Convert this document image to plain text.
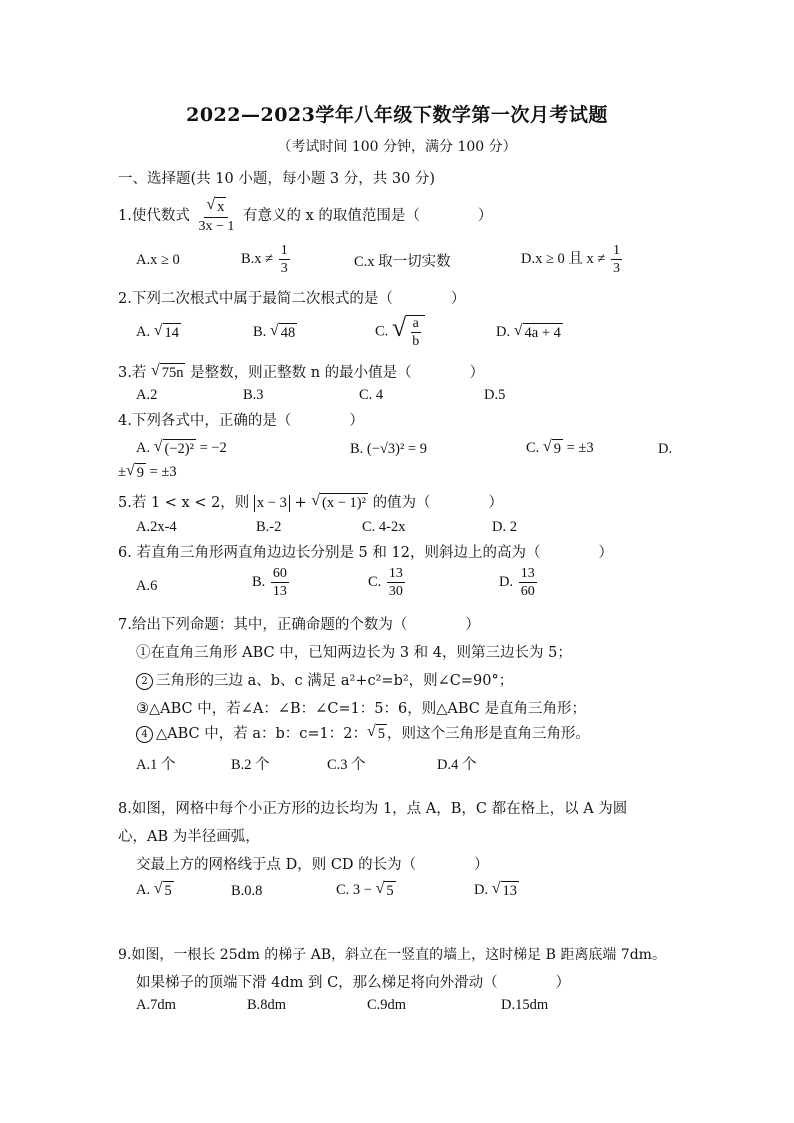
2022—2023学年八年级下数学第一次月考试题
（考试时间 100 分钟，满分 100 分）
一、选择题(共 10 小题，每小题 3 分，共 30 分)
1.使代数式 $\frac{√ x}{3x - 1}$ 有意义的 x 的取值范围是（　　　　）
A.x ≥ 0	$B.x \ne \frac{1}{3}$	C.x 取一切实数	D.x ≥ 0 且 $x \ne \frac{1}{3}$
2.下列二次根式中属于最简二次根式的是（　　　　）
A. √ 14	B. √ 48	C. √ $\frac{a}{b}$	D. √ 4a + 4
3.若 √ 75n 是整数，则正整数 n 的最小值是（　　　　）
A.2	B.3	C. 4	D.5
4.下列各式中，正确的是（　　　　）
A. √ (−2)² = −2	B. (−√3)² = 9	C. √ 9 = ±3	D.
± √ 9 = ±3
5.若 1 < x < 2，则 x − 3 + √ (x − 1)² 的值为（　　　　）
A.2x-4	B.-2	C. 4-2x	D. 2
6. 若直角三角形两直角边边长分别是 5 和 12，则斜边上的高为（　　　　）
A.6	B. $\frac{60}{13}$	C. $\frac{13}{30}$	D. $\frac{13}{60}$
7.给出下列命题：其中，正确命题的个数为（　　　　）
①在直角三角形 ABC 中，已知两边长为 3 和 4，则第三边长为 5；
2 三角形的三边 a、b、c 满足 a²+c²=b²，则∠C=90°；
③△ABC 中，若∠A：∠B：∠C=1：5：6，则△ABC 是直角三角形；
4 △ABC 中，若 a：b：c=1：2： √ 5 ，则这个三角形是直角三角形。
A.1 个	B.2 个	C.3 个	D.4 个
8.如图，网格中每个小正方形的边长均为 1，点 A，B，C 都在格上，以 A 为圆
心，AB 为半径画弧，
交最上方的网格线于点 D，则 CD 的长为（　　　　）
A. √ 5	B.0.8	C. 3 − √ 5	D. √ 13
9.如图，一根长 25dm 的梯子 AB，斜立在一竖直的墙上，这时梯足 B 距离底端 7dm。
如果梯子的顶端下滑 4dm 到 C，那么梯足将向外滑动（　　　　）
A.7dm	B.8dm	C.9dm	D.15dm
